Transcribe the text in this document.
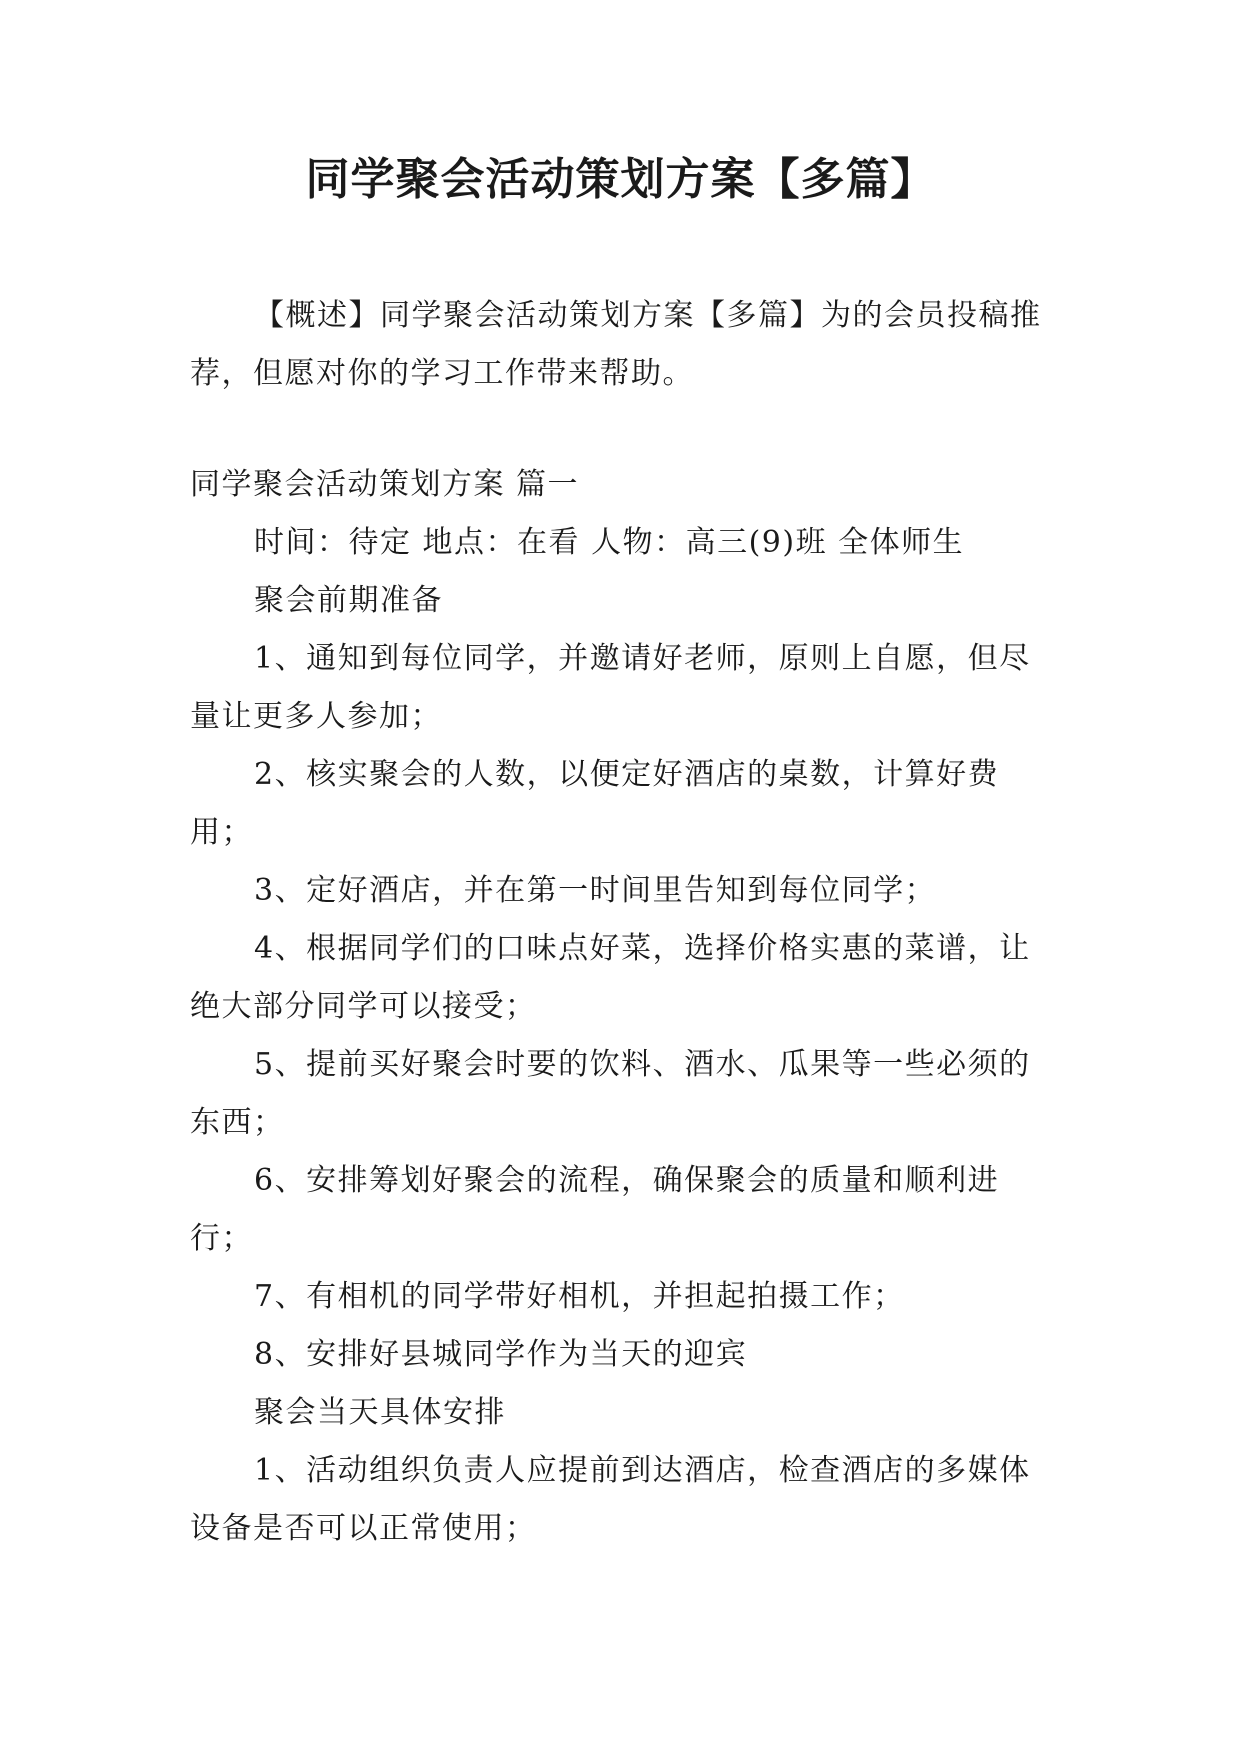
同学聚会活动策划方案【多篇】

【概述】同学聚会活动策划方案【多篇】为的会员投稿推荐，但愿对你的学习工作带来帮助。

同学聚会活动策划方案 篇一

时间：待定 地点：在看 人物：高三(9)班 全体师生

聚会前期准备

1、通知到每位同学，并邀请好老师，原则上自愿，但尽量让更多人参加；

2、核实聚会的人数，以便定好酒店的桌数，计算好费用；

3、定好酒店，并在第一时间里告知到每位同学；

4、根据同学们的口味点好菜，选择价格实惠的菜谱，让绝大部分同学可以接受；

5、提前买好聚会时要的饮料、酒水、瓜果等一些必须的东西；

6、安排筹划好聚会的流程，确保聚会的质量和顺利进行；

7、有相机的同学带好相机，并担起拍摄工作；

8、安排好县城同学作为当天的迎宾

聚会当天具体安排

1、活动组织负责人应提前到达酒店，检查酒店的多媒体设备是否可以正常使用；
